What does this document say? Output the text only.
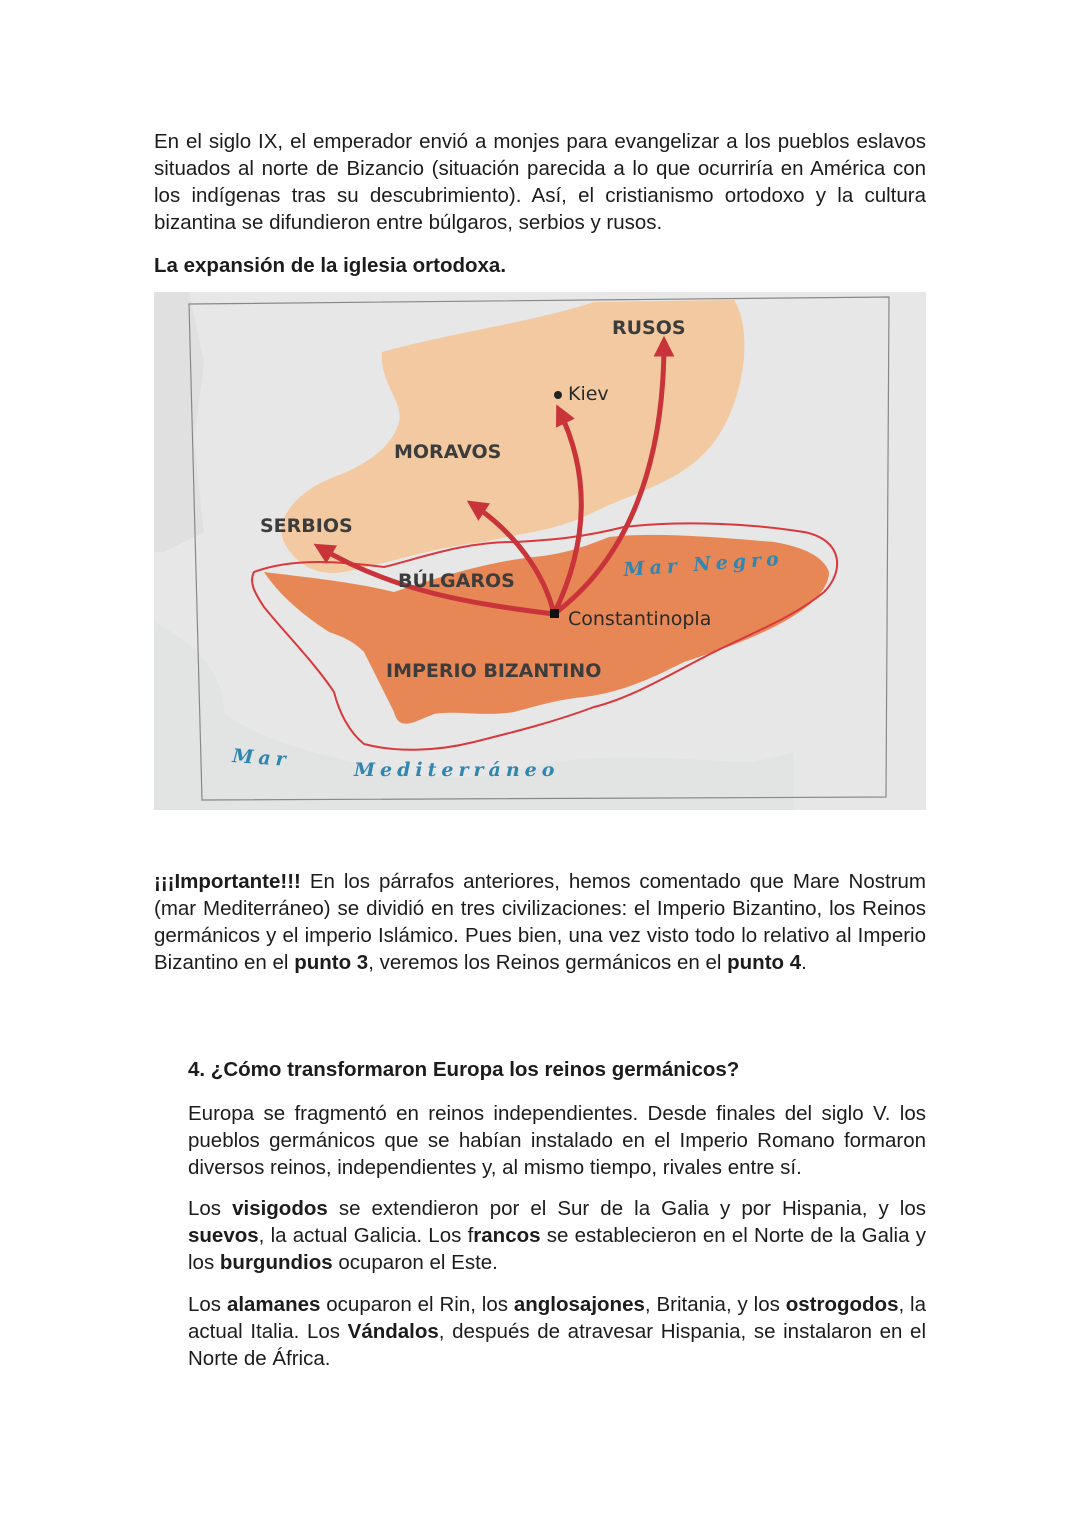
En el siglo IX, el emperador envió a monjes para evangelizar a los pueblos eslavos situados al norte de Bizancio (situación parecida a lo que ocurriría en América con los indígenas tras su descubrimiento). Así, el cristianismo ortodoxo y la cultura bizantina se difundieron entre búlgaros, serbios y rusos.

La expansión de la iglesia ortodoxa.

RUSOS
Kiev
MORAVOS
SERBIOS
BÚLGAROS
Mar Negro
Constantinopla
IMPERIO BIZANTINO
Mar	Mediterráneo

¡¡¡Importante!!! En los párrafos anteriores, hemos comentado que Mare Nostrum (mar Mediterráneo) se dividió en tres civilizaciones: el Imperio Bizantino, los Reinos germánicos y el imperio Islámico. Pues bien, una vez visto todo lo relativo al Imperio Bizantino en el punto 3, veremos los Reinos germánicos en el punto 4.

4. ¿Cómo transformaron Europa los reinos germánicos?

Europa se fragmentó en reinos independientes. Desde finales del siglo V. los pueblos germánicos que se habían instalado en el Imperio Romano formaron diversos reinos, independientes y, al mismo tiempo, rivales entre sí.

Los visigodos se extendieron por el Sur de la Galia y por Hispania, y los suevos, la actual Galicia. Los francos se establecieron en el Norte de la Galia y los burgundios ocuparon el Este.

Los alamanes ocuparon el Rin, los anglosajones, Britania, y los ostrogodos, la actual Italia. Los Vándalos, después de atravesar Hispania, se instalaron en el Norte de África.
